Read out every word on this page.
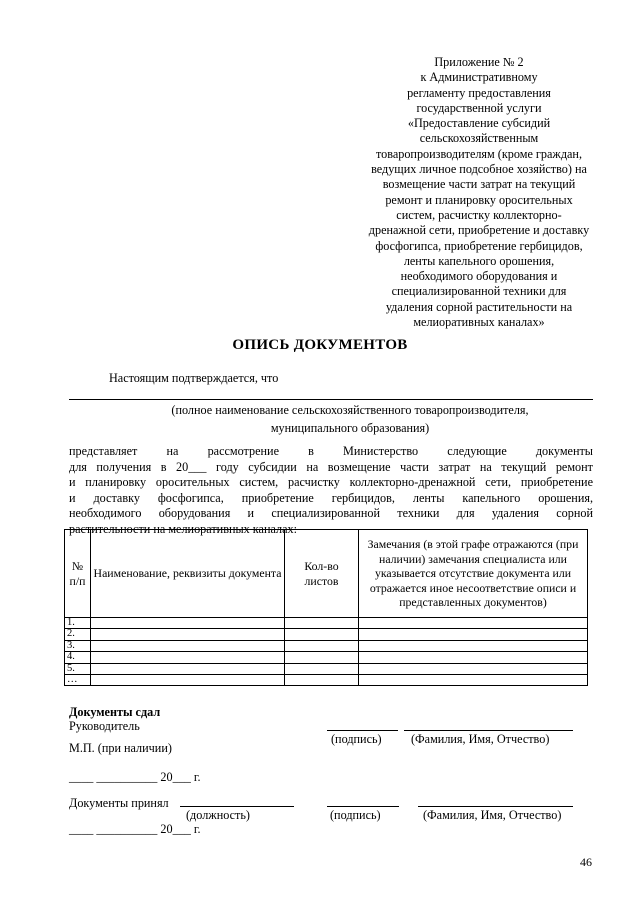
Приложение № 2
к Административному
регламенту предоставления
государственной услуги
«Предоставление субсидий
сельскохозяйственным
товаропроизводителям (кроме граждан,
ведущих личное подсобное хозяйство) на
возмещение части затрат на текущий
ремонт и планировку оросительных
систем, расчистку коллекторно-
дренажной сети, приобретение и доставку
фосфогипса, приобретение гербицидов,
ленты капельного орошения,
необходимого оборудования и
специализированной техники для
удаления сорной растительности на
мелиоративных каналах»
ОПИСЬ ДОКУМЕНТОВ
Настоящим подтверждается, что
(полное наименование сельскохозяйственного товаропроизводителя,
муниципального образования)
представляет на рассмотрение в Министерство следующие документы
для получения в 20___ году субсидии на возмещение части затрат на текущий ремонт
и планировку оросительных систем, расчистку коллекторно-дренажной сети, приобретение
и доставку фосфогипса, приобретение гербицидов, ленты капельного орошения,
необходимого оборудования и специализированной техники для удаления сорной
растительности на мелиоративных каналах:
№ п/п	Наименование, реквизиты документа	Кол-во листов	Замечания (в этой графе отражаются (при наличии) замечания специалиста или указывается отсутствие документа или отражается иное несоответствие описи и представленных документов)
1.			
2.			
3.			
4.			
5.			
…			
Документы сдал
Руководитель
(подпись) (Фамилия, Имя, Отчество)
М.П. (при наличии)
____ __________ 20___ г.
Документы принял
(должность)	(подпись)	(Фамилия, Имя, Отчество)
____ __________ 20___ г.
46
